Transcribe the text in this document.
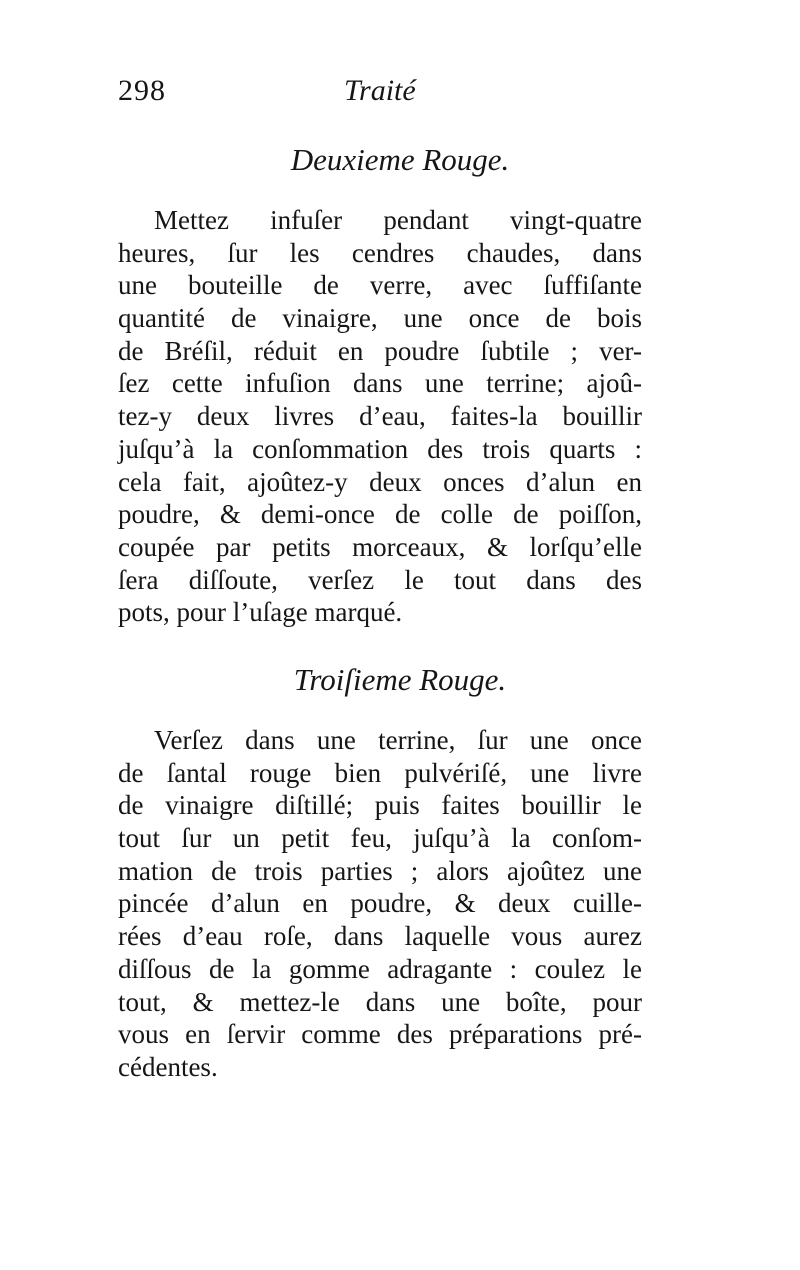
298	Traité
Deuxieme Rouge.
Mettez infuſer pendant vingt-quatre
heures, ſur les cendres chaudes, dans
une bouteille de verre, avec ſuffiſante
quantité de vinaigre, une once de bois
de Bréſil, réduit en poudre ſubtile ; ver-
ſez cette infuſion dans une terrine; ajoû-
tez-y deux livres d’eau, faites-la bouillir
juſqu’à la conſommation des trois quarts :
cela fait, ajoûtez-y deux onces d’alun en
poudre, & demi-once de colle de poiſſon,
coupée par petits morceaux, & lorſqu’elle
ſera diſſoute, verſez le tout dans des
pots, pour l’uſage marqué.
Troiſieme Rouge.
Verſez dans une terrine, ſur une once
de ſantal rouge bien pulvériſé, une livre
de vinaigre diſtillé; puis faites bouillir le
tout ſur un petit feu, juſqu’à la conſom-
mation de trois parties ; alors ajoûtez une
pincée d’alun en poudre, & deux cuille-
rées d’eau roſe, dans laquelle vous aurez
diſſous de la gomme adragante : coulez le
tout, & mettez-le dans une boîte, pour
vous en ſervir comme des préparations pré-
cédentes.
